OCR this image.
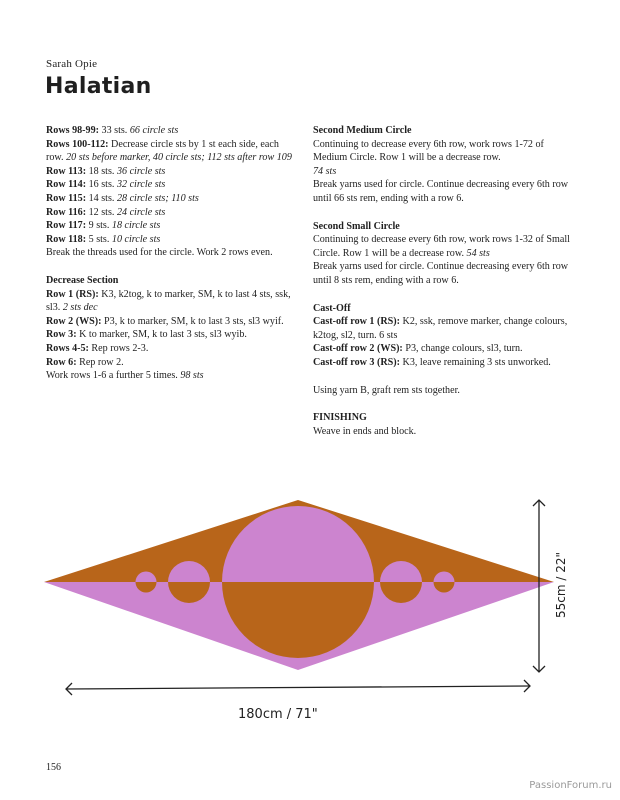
Sarah Opie
Halatian

Rows 98-99: 33 sts. 66 circle sts

Rows 100-112: Decrease circle sts by 1 st each side, each row. 20 sts before marker, 40 circle sts; 112 sts after row 109

Row 113: 18 sts. 36 circle sts

Row 114: 16 sts. 32 circle sts

Row 115: 14 sts. 28 circle sts; 110 sts

Row 116: 12 sts. 24 circle sts

Row 117: 9 sts. 18 circle sts

Row 118: 5 sts. 10 circle sts

Break the threads used for the circle. Work 2 rows even.

Decrease Section

Row 1 (RS): K3, k2tog, k to marker, SM, k to last 4 sts, ssk, sl3. 2 sts dec

Row 2 (WS): P3, k to marker, SM, k to last 3 sts, sl3 wyif.

Row 3: K to marker, SM, k to last 3 sts, sl3 wyib.

Rows 4-5: Rep rows 2-3.

Row 6: Rep row 2.

Work rows 1-6 a further 5 times. 98 sts

Second Medium Circle

Continuing to decrease every 6th row, work rows 1-72 of Medium Circle. Row 1 will be a decrease row.

74 sts

Break yarns used for circle. Continue decreasing every 6th row until 66 sts rem, ending with a row 6.

Second Small Circle

Continuing to decrease every 6th row, work rows 1-32 of Small Circle. Row 1 will be a decrease row. 54 sts

Break yarns used for circle. Continue decreasing every 6th row until 8 sts rem, ending with a row 6.

Cast-Off

Cast-off row 1 (RS): K2, ssk, remove marker, change colours, k2tog, sl2, turn. 6 sts

Cast-off row 2 (WS): P3, change colours, sl3, turn.

Cast-off row 3 (RS): K3, leave remaining 3 sts unworked.

Using yarn B, graft rem sts together.

FINISHING

Weave in ends and block.

55cm / 22"
180cm / 71"
156
PassionForum.ru
